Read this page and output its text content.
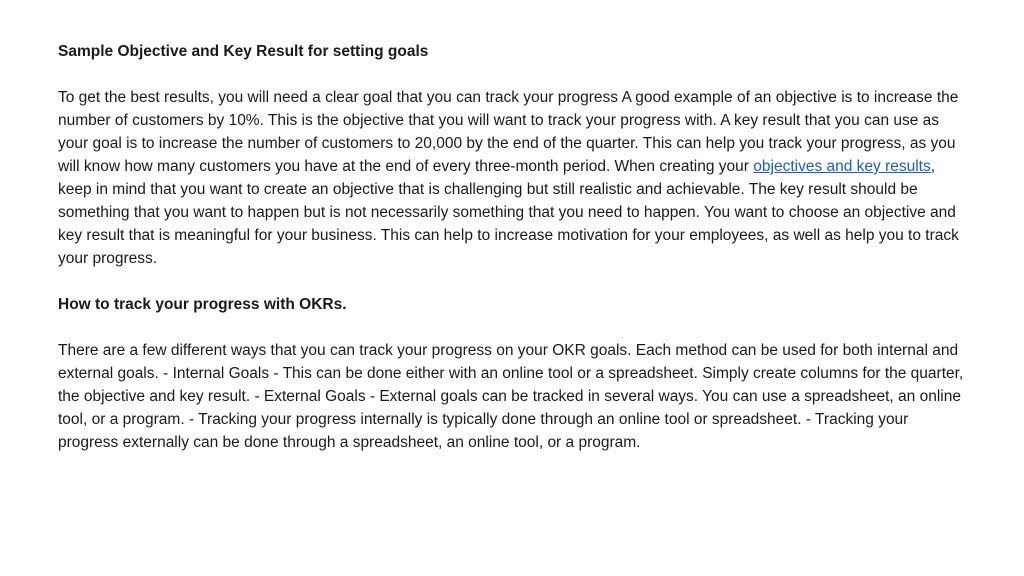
Sample Objective and Key Result for setting goals

To get the best results, you will need a clear goal that you can track your progress A good example of an objective is to increase the number of customers by 10%. This is the objective that you will want to track your progress with. A key result that you can use as your goal is to increase the number of customers to 20,000 by the end of the quarter. This can help you track your progress, as you will know how many customers you have at the end of every three-month period. When creating your objectives and key results, keep in mind that you want to create an objective that is challenging but still realistic and achievable. The key result should be something that you want to happen but is not necessarily something that you need to happen. You want to choose an objective and key result that is meaningful for your business. This can help to increase motivation for your employees, as well as help you to track your progress.

How to track your progress with OKRs.

There are a few different ways that you can track your progress on your OKR goals. Each method can be used for both internal and external goals. - Internal Goals - This can be done either with an online tool or a spreadsheet. Simply create columns for the quarter, the objective and key result. - External Goals - External goals can be tracked in several ways. You can use a spreadsheet, an online tool, or a program. - Tracking your progress internally is typically done through an online tool or spreadsheet. - Tracking your progress externally can be done through a spreadsheet, an online tool, or a program.
